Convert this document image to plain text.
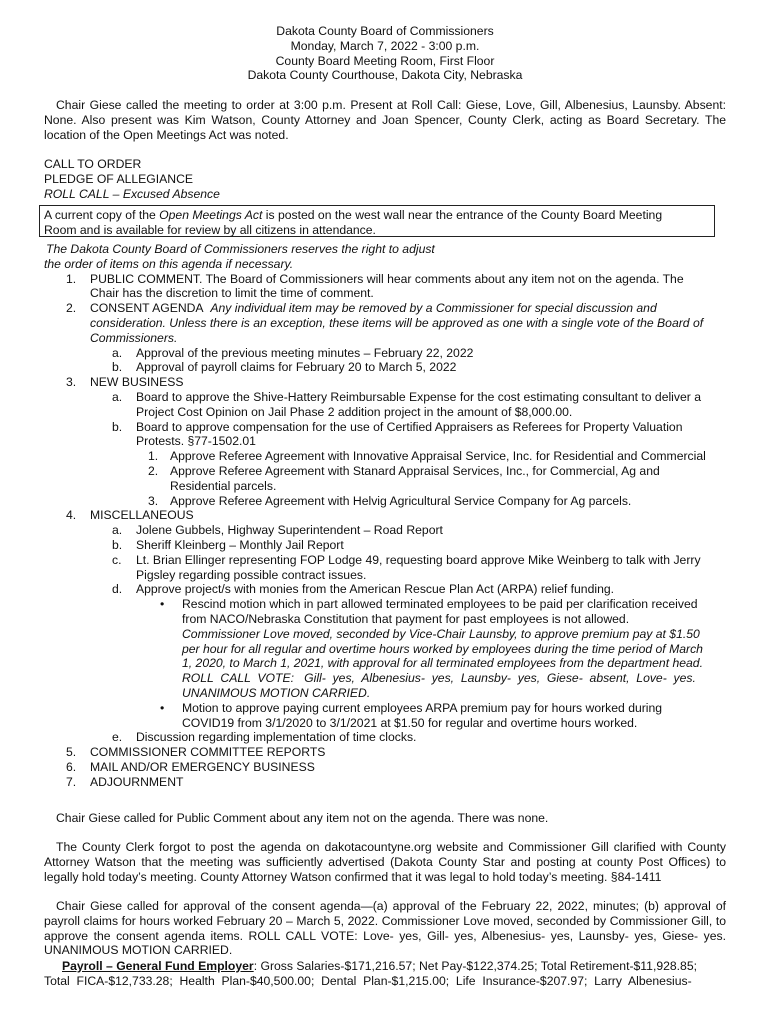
Dakota County Board of Commissioners
Monday, March 7, 2022 - 3:00 p.m.
County Board Meeting Room, First Floor
Dakota County Courthouse, Dakota City, Nebraska

Chair Giese called the meeting to order at 3:00 p.m. Present at Roll Call: Giese, Love, Gill, Albenesius, Launsby. Absent: None. Also present was Kim Watson, County Attorney and Joan Spencer, County Clerk, acting as Board Secretary. The location of the Open Meetings Act was noted.

CALL TO ORDER
PLEDGE OF ALLEGIANCE
ROLL CALL – Excused Absence
A current copy of the Open Meetings Act is posted on the west wall near the entrance of the County Board Meeting
Room and is available for review by all citizens in attendance.
The Dakota County Board of Commissioners reserves the right to adjust
the order of items on this agenda if necessary.
1.	PUBLIC COMMENT. The Board of Commissioners will hear comments about any item not on the agenda. The
Chair has the discretion to limit the time of comment.
2.	CONSENT AGENDA Any individual item may be removed by a Commissioner for special discussion and
consideration. Unless there is an exception, these items will be approved as one with a single vote of the Board of
Commissioners.
a. Approval of the previous meeting minutes – February 22, 2022
b. Approval of payroll claims for February 20 to March 5, 2022
3.	NEW BUSINESS
a. Board to approve the Shive-Hattery Reimbursable Expense for the cost estimating consultant to deliver a
Project Cost Opinion on Jail Phase 2 addition project in the amount of $8,000.00.
b. Board to approve compensation for the use of Certified Appraisers as Referees for Property Valuation
Protests. §77-1502.01
1. Approve Referee Agreement with Innovative Appraisal Service, Inc. for Residential and Commercial
2. Approve Referee Agreement with Stanard Appraisal Services, Inc., for Commercial, Ag and
Residential parcels.
3. Approve Referee Agreement with Helvig Agricultural Service Company for Ag parcels.
4.	MISCELLANEOUS
a. Jolene Gubbels, Highway Superintendent – Road Report
b. Sheriff Kleinberg – Monthly Jail Report
c. Lt. Brian Ellinger representing FOP Lodge 49, requesting board approve Mike Weinberg to talk with Jerry
Pigsley regarding possible contract issues.
d. Approve project/s with monies from the American Rescue Plan Act (ARPA) relief funding.
• Rescind motion which in part allowed terminated employees to be paid per clarification received
from NACO/Nebraska Constitution that payment for past employees is not allowed.
Commissioner Love moved, seconded by Vice-Chair Launsby, to approve premium pay at $1.50
per hour for all regular and overtime hours worked by employees during the time period of March
1, 2020, to March 1, 2021, with approval for all terminated employees from the department head.
ROLL  CALL  VOTE:   Gill-  yes,  Albenesius-  yes,  Launsby-  yes,  Giese-  absent,  Love-  yes.
UNANIMOUS MOTION CARRIED.
• Motion to approve paying current employees ARPA premium pay for hours worked during
COVID19 from 3/1/2020 to 3/1/2021 at $1.50 for regular and overtime hours worked.
e. Discussion regarding implementation of time clocks.
5.	COMMISSIONER COMMITTEE REPORTS
6.	MAIL AND/OR EMERGENCY BUSINESS
7.	ADJOURNMENT

Chair Giese called for Public Comment about any item not on the agenda. There was none.

The County Clerk forgot to post the agenda on dakotacountyne.org website and Commissioner Gill clarified with County Attorney Watson that the meeting was sufficiently advertised (Dakota County Star and posting at county Post Offices) to legally hold today’s meeting. County Attorney Watson confirmed that it was legal to hold today’s meeting. §84-1411

Chair Giese called for approval of the consent agenda—(a) approval of the February 22, 2022, minutes; (b) approval of payroll claims for hours worked February 20 – March 5, 2022. Commissioner Love moved, seconded by Commissioner Gill, to approve the consent agenda items. ROLL CALL VOTE: Love- yes, Gill- yes, Albenesius- yes, Launsby- yes, Giese- yes. UNANIMOUS MOTION CARRIED.

Payroll – General Fund Employer: Gross Salaries-$171,216.57; Net Pay-$122,374.25; Total Retirement-$11,928.85;
Total  FICA-$12,733.28;  Health  Plan-$40,500.00;  Dental  Plan-$1,215.00;  Life  Insurance-$207.97;  Larry  Albenesius-
